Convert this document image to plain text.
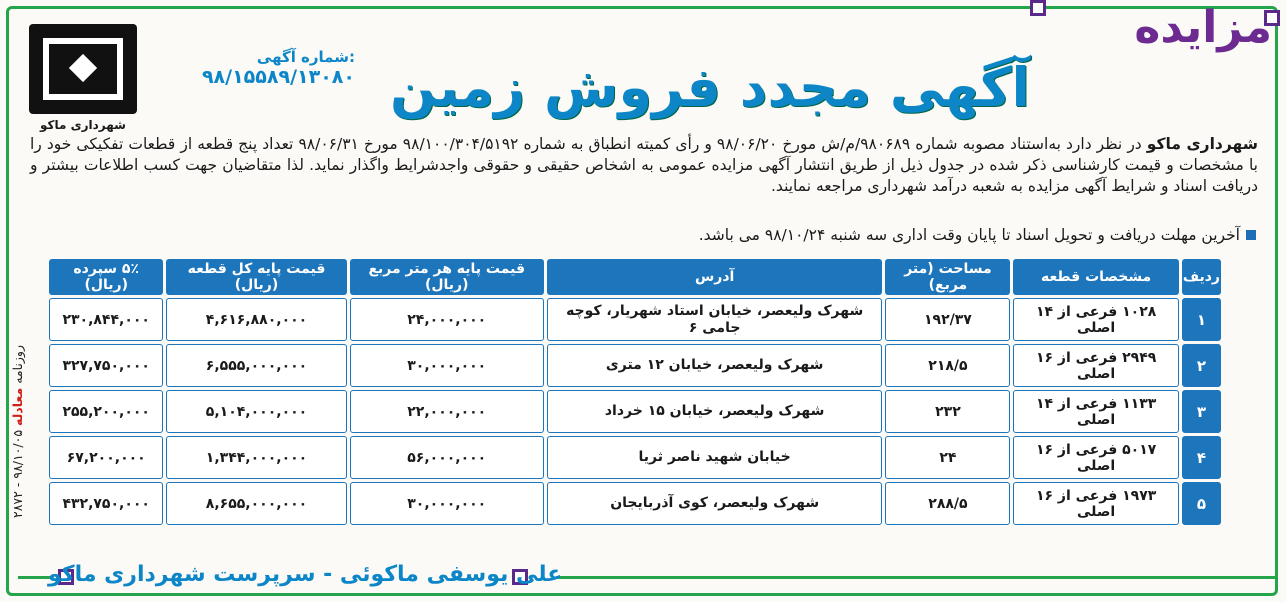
مزایده
آگهی مجدد فروش زمین
شهرداری ماکو
شماره آگهی:
۹۸/۱۵۵۸۹/۱۳۰۸۰
شهرداری ماکو در نظر دارد به‌استناد مصوبه شماره ۹۸۰۶۸۹/م/ش مورخ ۹۸/۰۶/۲۰ و رأی کمیته انطباق به شماره ۹۸/۱۰۰/۳۰۴/۵۱۹۲ مورخ ۹۸/۰۶/۳۱ تعداد پنج قطعه از قطعات تفکیکی خود را با مشخصات و قیمت کارشناسی ذکر شده در جدول ذیل از طریق انتشار آگهی مزایده عمومی به اشخاص حقیقی و حقوقی واجدشرایط واگذار نماید. لذا متقاضیان جهت کسب اطلاعات بیشتر و دریافت اسناد و شرایط آگهی مزایده به شعبه درآمد شهرداری مراجعه نمایند.
آخرین مهلت دریافت و تحویل اسناد تا پایان وقت اداری سه شنبه ۹۸/۱۰/۲۴ می باشد.
ردیف	مشخصات قطعه	مساحت (متر مربع)	آدرس	قیمت پایه هر متر مربع (ریال)	قیمت پایه کل قطعه (ریال)	۵٪ سپرده (ریال)
۱	۱۰۲۸ فرعی از ۱۴ اصلی	۱۹۲/۳۷	شهرک ولیعصر، خیابان استاد شهریار، کوچه جامی ۶	۲۴,۰۰۰,۰۰۰	۴,۶۱۶,۸۸۰,۰۰۰	۲۳۰,۸۴۴,۰۰۰
۲	۲۹۴۹ فرعی از ۱۶ اصلی	۲۱۸/۵	شهرک ولیعصر، خیابان ۱۲ متری	۳۰,۰۰۰,۰۰۰	۶,۵۵۵,۰۰۰,۰۰۰	۳۲۷,۷۵۰,۰۰۰
۳	۱۱۳۳ فرعی از ۱۴ اصلی	۲۳۲	شهرک ولیعصر، خیابان ۱۵ خرداد	۲۲,۰۰۰,۰۰۰	۵,۱۰۴,۰۰۰,۰۰۰	۲۵۵,۲۰۰,۰۰۰
۴	۵۰۱۷ فرعی از ۱۶ اصلی	۲۴	خیابان شهید ناصر ثریا	۵۶,۰۰۰,۰۰۰	۱,۳۴۴,۰۰۰,۰۰۰	۶۷,۲۰۰,۰۰۰
۵	۱۹۷۳ فرعی از ۱۶ اصلی	۲۸۸/۵	شهرک ولیعصر، کوی آذربایجان	۳۰,۰۰۰,۰۰۰	۸,۶۵۵,۰۰۰,۰۰۰	۴۳۲,۷۵۰,۰۰۰
روزنامه معادله ۹۸/۱۰/۰۵ - ۲۸۷۲
علی یوسفی ماکوئی - سرپرست شهرداری ماکو
